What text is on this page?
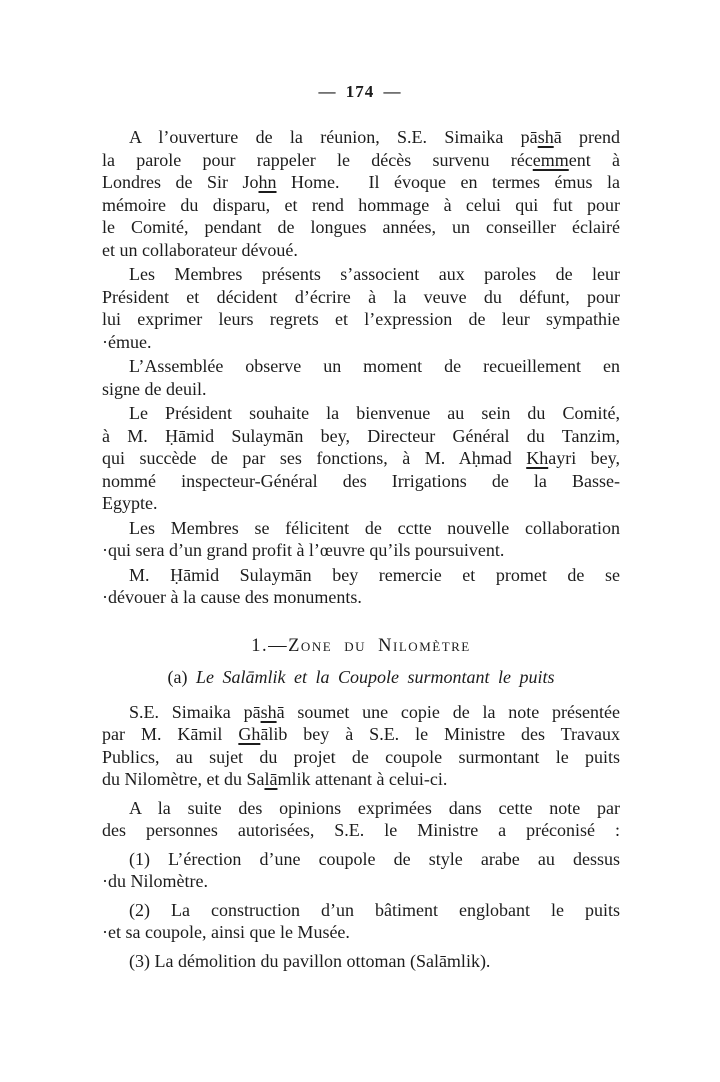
— 174 —
A l’ouverture de la réunion, S.E. Simaika pāshā prend
la parole pour rappeler le décès survenu récemment à
Londres de Sir John Home.  Il évoque en termes émus la
mémoire du disparu, et rend hommage à celui qui fut pour
le Comité, pendant de longues années, un conseiller éclairé
et un collaborateur dévoué.
Les Membres présents s’associent aux paroles de leur
Président et décident d’écrire à la veuve du défunt, pour
lui exprimer leurs regrets et l’expression de leur sympathie
·émue.
L’Assemblée observe un moment de recueillement en
signe de deuil.
Le Président souhaite la bienvenue au sein du Comité,
à M. Ḥāmid Sulaymān bey, Directeur Général du Tanzim,
qui succède de par ses fonctions, à M. Aḥmad Khayri bey,
nommé inspecteur-Général des Irrigations de la Basse-
Egypte.
Les Membres se félicitent de cctte nouvelle collaboration
·qui sera d’un grand profit à l’œuvre qu’ils poursuivent.
M. Ḥāmid Sulaymān bey remercie et promet de se
·dévouer à la cause des monuments.
1.—Zone du Nilomètre
(a) Le Salāmlik et la Coupole surmontant le puits
S.E. Simaika pāshā soumet une copie de la note présentée
par M. Kāmil Ghālib bey à S.E. le Ministre des Travaux
Publics, au sujet du projet de coupole surmontant le puits
du Nilomètre, et du Salāmlik attenant à celui-ci.
A la suite des opinions exprimées dans cette note par
des personnes autorisées, S.E. le Ministre a préconisé :
(1) L’érection d’une coupole de style arabe au dessus
·du Nilomètre.
(2) La construction d’un bâtiment englobant le puits
·et sa coupole, ainsi que le Musée.
(3) La démolition du pavillon ottoman (Salāmlik).
